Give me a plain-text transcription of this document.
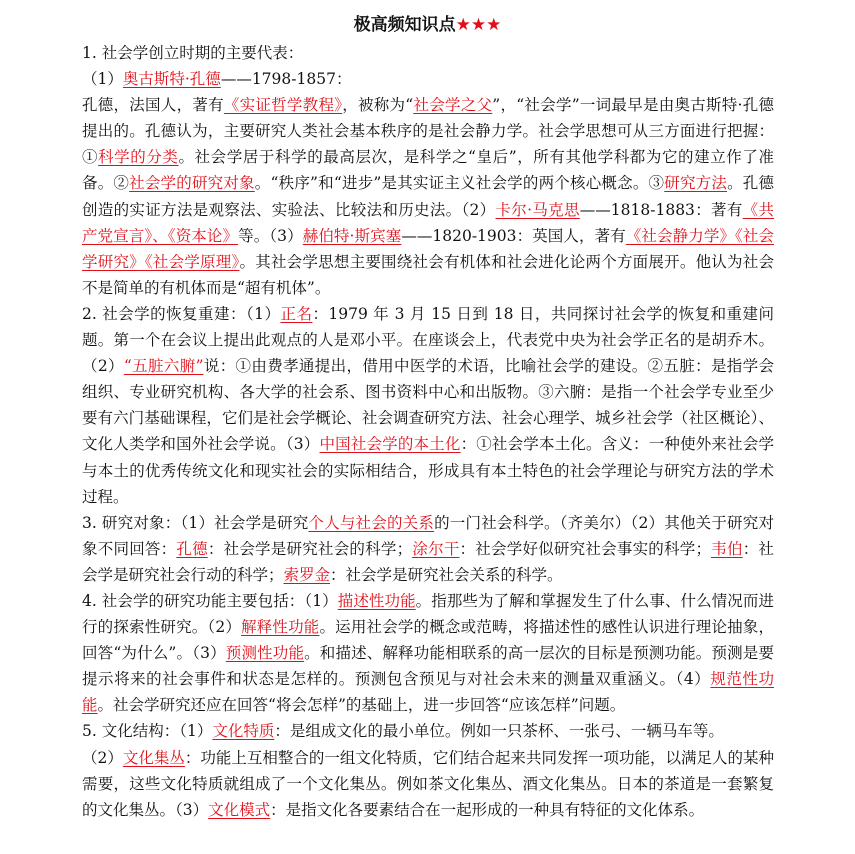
极高频知识点★★★

1. 社会学创立时期的主要代表：

（1）奥古斯特·孔德——1798-1857：

孔德，法国人，著有《实证哲学教程》，被称为“社会学之父”，“社会学”一词最早是由奥古斯特·孔德提出的。孔德认为，主要研究人类社会基本秩序的是社会静力学。社会学思想可从三方面进行把握：①科学的分类。社会学居于科学的最高层次，是科学之“皇后”，所有其他学科都为它的建立作了准备。②社会学的研究对象。“秩序”和“进步”是其实证主义社会学的两个核心概念。③研究方法。孔德创造的实证方法是观察法、实验法、比较法和历史法。（2）卡尔·马克思——1818-1883：著有《共产党宣言》、《资本论》等。（3）赫伯特·斯宾塞——1820-1903：英国人，著有《社会静力学》《社会学研究》《社会学原理》。其社会学思想主要围绕社会有机体和社会进化论两个方面展开。他认为社会不是简单的有机体而是“超有机体”。

2. 社会学的恢复重建：（1）正名：1979 年 3 月 15 日到 18 日，共同探讨社会学的恢复和重建问题。第一个在会议上提出此观点的人是邓小平。在座谈会上，代表党中央为社会学正名的是胡乔木。（2）“五脏六腑”说：①由费孝通提出，借用中医学的术语，比喻社会学的建设。②五脏：是指学会组织、专业研究机构、各大学的社会系、图书资料中心和出版物。③六腑：是指一个社会学专业至少要有六门基础课程，它们是社会学概论、社会调查研究方法、社会心理学、城乡社会学（社区概论）、文化人类学和国外社会学说。（3）中国社会学的本土化：①社会学本土化。含义：一种使外来社会学与本土的优秀传统文化和现实社会的实际相结合，形成具有本土特色的社会学理论与研究方法的学术过程。

3. 研究对象：（1）社会学是研究个人与社会的关系的一门社会科学。（齐美尔）（2）其他关于研究对象不同回答：孔德：社会学是研究社会的科学；涂尔干：社会学好似研究社会事实的科学；韦伯：社会学是研究社会行动的科学；索罗金：社会学是研究社会关系的科学。

4. 社会学的研究功能主要包括：（1）描述性功能。指那些为了解和掌握发生了什么事、什么情况而进行的探索性研究。（2）解释性功能。运用社会学的概念或范畴，将描述性的感性认识进行理论抽象，回答“为什么”。（3）预测性功能。和描述、解释功能相联系的高一层次的目标是预测功能。预测是要提示将来的社会事件和状态是怎样的。预测包含预见与对社会未来的测量双重涵义。（4）规范性功能。社会学研究还应在回答“将会怎样”的基础上，进一步回答“应该怎样”问题。

5. 文化结构：（1）文化特质：是组成文化的最小单位。例如一只茶杯、一张弓、一辆马车等。

（2）文化集丛：功能上互相整合的一组文化特质，它们结合起来共同发挥一项功能，以满足人的某种需要，这些文化特质就组成了一个文化集丛。例如茶文化集丛、酒文化集丛。日本的茶道是一套繁复的文化集丛。（3）文化模式：是指文化各要素结合在一起形成的一种具有特征的文化体系。
